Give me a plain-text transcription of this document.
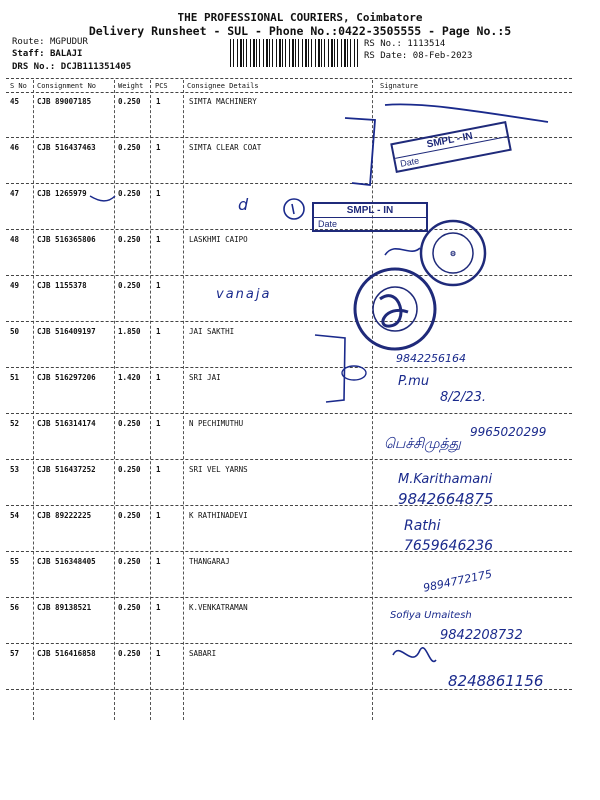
THE PROFESSIONAL COURIERS, Coimbatore
Delivery Runsheet - SUL - Phone No.:0422-3505555 - Page No.:5
Route: MGPUDUR
Staff: BALAJI
DRS No.: DCJB111351405
RS No.: 1113514
RS Date: 08-Feb-2023
S No Consignment No	Weight PCS	Consignee Details	Signature
45 CJB 89007185	0.250 1	SIMTA MACHINERY
46 CJB 516437463	0.250 1	SIMTA CLEAR COAT
47 CJB 1265979	0.250 1
48 CJB 516365806	0.250 1	LASKHMI CAIPO
49 CJB 1155378	0.250 1
50 CJB 516409197	1.850 1	JAI SAKTHI
51 CJB 516297206	1.420 1	SRI JAI
52 CJB 516314174	0.250 1	N PECHIMUTHU
53 CJB 516437252	0.250 1	SRI VEL YARNS
54 CJB 89222225	0.250 1	K RATHINADEVI
55 CJB 516348405	0.250 1	THANGARAJ
56 CJB 89138521	0.250 1	K.VENKATRAMAN
57 CJB 516416858	0.250 1	SABARI
SMPL - IN
Date
SMPL - IN
Date
⚙
d
vanaja
9842256164
P.mu
8/2/23.
9965020299
பெச்சிமுத்து
M.Karithamani
9842664875
Rathi
7659646236
9894772175
Sofiya Umaitesh
9842208732
8248861156
